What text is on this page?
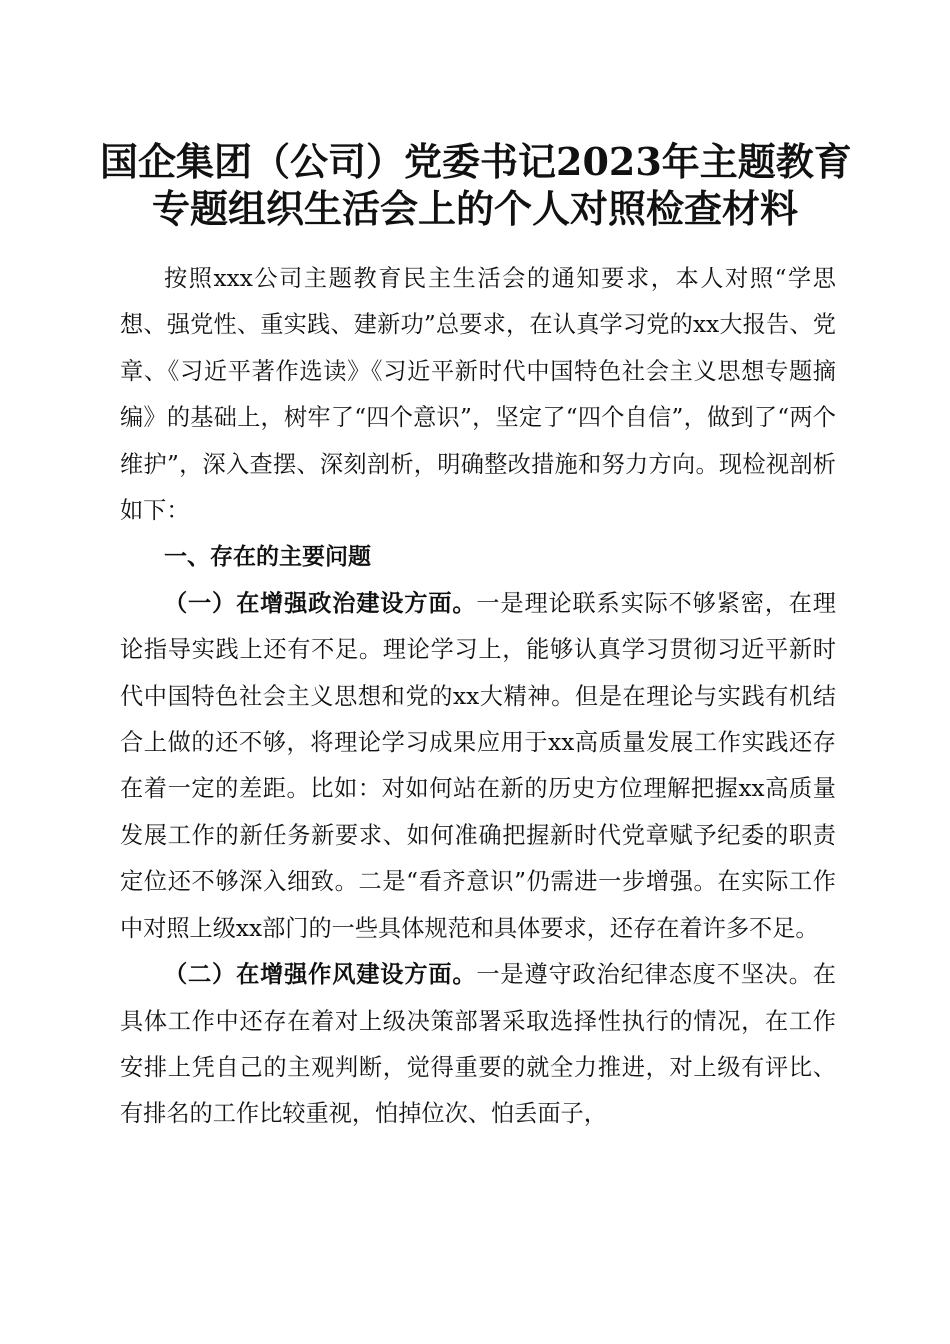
国企集团（公司）党委书记2023年主题教育
专题组织生活会上的个人对照检查材料

按照xxx公司主题教育民主生活会的通知要求，本人对照“学思想、强党性、重实践、建新功”总要求，在认真学习党的xx大报告、党章、《习近平著作选读》《习近平新时代中国特色社会主义思想专题摘编》的基础上，树牢了“四个意识”，坚定了“四个自信”，做到了“两个维护”，深入查摆、深刻剖析，明确整改措施和努力方向。现检视剖析如下：

一、存在的主要问题

（一）在增强政治建设方面。一是理论联系实际不够紧密，在理论指导实践上还有不足。理论学习上，能够认真学习贯彻习近平新时代中国特色社会主义思想和党的xx大精神。但是在理论与实践有机结合上做的还不够，将理论学习成果应用于xx高质量发展工作实践还存在着一定的差距。比如：对如何站在新的历史方位理解把握xx高质量发展工作的新任务新要求、如何准确把握新时代党章赋予纪委的职责定位还不够深入细致。二是“看齐意识”仍需进一步增强。在实际工作中对照上级xx部门的一些具体规范和具体要求，还存在着许多不足。

（二）在增强作风建设方面。一是遵守政治纪律态度不坚决。在具体工作中还存在着对上级决策部署采取选择性执行的情况，在工作安排上凭自己的主观判断，觉得重要的就全力推进，对上级有评比、有排名的工作比较重视，怕掉位次、怕丢面子，
